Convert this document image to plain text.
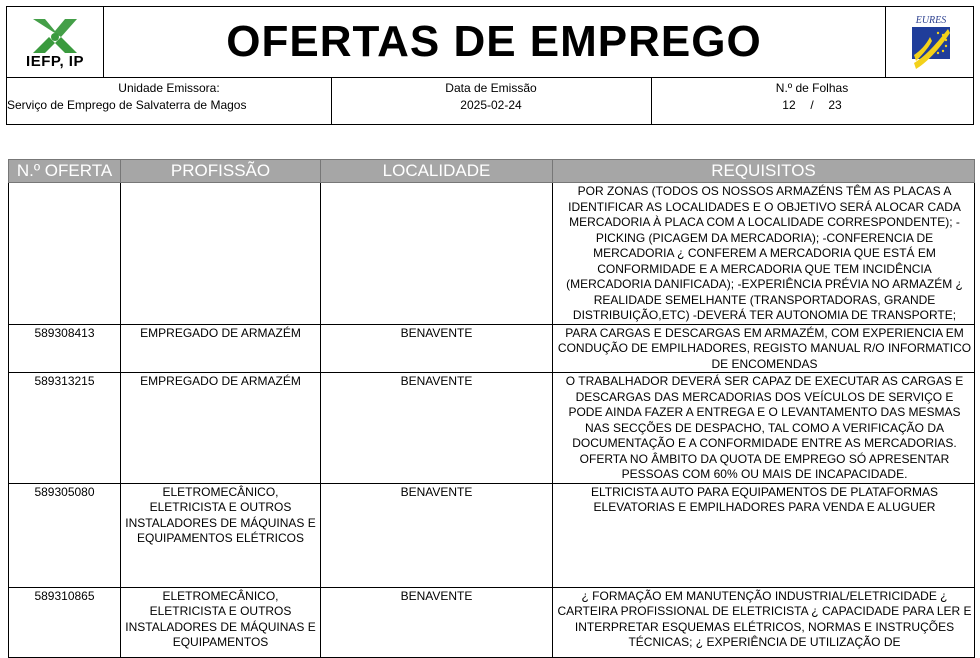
IEFP, IP	OFERTAS DE EMPREGO	EURES
Unidade Emissora:
Serviço de Emprego de Salvaterra de Magos
Data de Emissão
2025-02-24
N.º de Folhas
12 / 23
N.º OFERTA	PROFISSÃO	LOCALIDADE	REQUISITOS
			POR ZONAS (TODOS OS NOSSOS ARMAZÉNS TÊM AS PLACAS A IDENTIFICAR AS LOCALIDADES E O OBJETIVO SERÁ ALOCAR CADA MERCADORIA À PLACA COM A LOCALIDADE CORRESPONDENTE); -PICKING (PICAGEM DA MERCADORIA); -CONFERENCIA DE MERCADORIA ¿ CONFEREM A MERCADORIA QUE ESTÁ EM CONFORMIDADE E A MERCADORIA QUE TEM INCIDÊNCIA (MERCADORIA DANIFICADA); -EXPERIÊNCIA PRÉVIA NO ARMAZÉM ¿ REALIDADE SEMELHANTE (TRANSPORTADORAS, GRANDE DISTRIBUIÇÃO,ETC) -DEVERÁ TER AUTONOMIA DE TRANSPORTE;
589308413	EMPREGADO DE ARMAZÉM	BENAVENTE	PARA CARGAS E DESCARGAS EM ARMAZÉM, COM EXPERIENCIA EM CONDUÇÃO DE EMPILHADORES, REGISTO MANUAL R/O INFORMATICO DE ENCOMENDAS
589313215	EMPREGADO DE ARMAZÉM	BENAVENTE	O TRABALHADOR DEVERÁ SER CAPAZ DE EXECUTAR AS CARGAS E DESCARGAS DAS MERCADORIAS DOS VEÍCULOS DE SERVIÇO E PODE AINDA FAZER A ENTREGA E O LEVANTAMENTO DAS MESMAS NAS SECÇÕES DE DESPACHO, TAL COMO A VERIFICAÇÃO DA DOCUMENTAÇÃO E A CONFORMIDADE ENTRE AS MERCADORIAS. OFERTA NO ÂMBITO DA QUOTA DE EMPREGO SÓ APRESENTAR PESSOAS COM 60% OU MAIS DE INCAPACIDADE.
589305080	ELETROMECÂNICO, ELETRICISTA E OUTROS INSTALADORES DE MÁQUINAS E EQUIPAMENTOS ELÉTRICOS	BENAVENTE	ELTRICISTA AUTO PARA EQUIPAMENTOS DE PLATAFORMAS ELEVATORIAS E EMPILHADORES PARA VENDA E ALUGUER
589310865	ELETROMECÂNICO, ELETRICISTA E OUTROS INSTALADORES DE MÁQUINAS E EQUIPAMENTOS	BENAVENTE	¿ FORMAÇÃO EM MANUTENÇÃO INDUSTRIAL/ELETRICIDADE ¿ CARTEIRA PROFISSIONAL DE ELETRICISTA ¿ CAPACIDADE PARA LER E INTERPRETAR ESQUEMAS ELÉTRICOS, NORMAS E INSTRUÇÕES TÉCNICAS; ¿ EXPERIÊNCIA DE UTILIZAÇÃO DE
